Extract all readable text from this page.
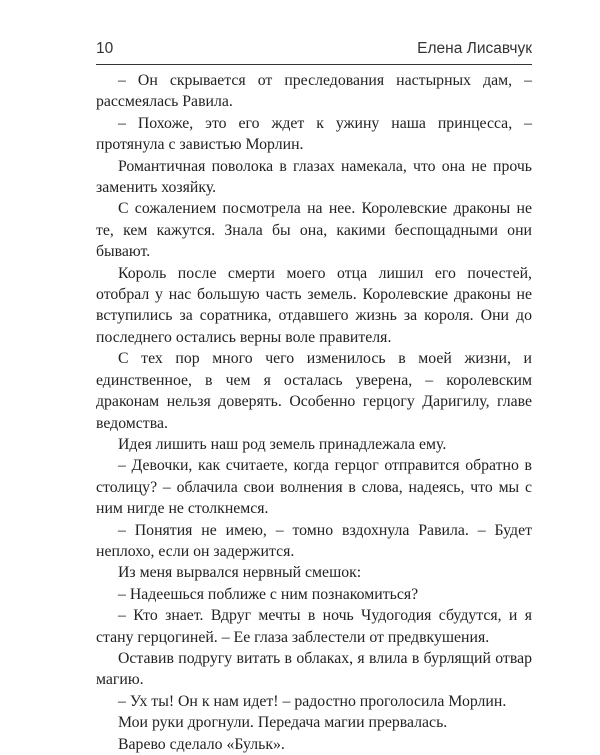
10	Елена Лисавчук

– Он скрывается от преследования настырных дам, – рассмеялась Равила.

– Похоже, это его ждет к ужину наша принцесса, – протянула с завистью Морлин.

Романтичная поволока в глазах намекала, что она не прочь заменить хозяйку.

С сожалением посмотрела на нее. Королевские драконы не те, кем кажутся. Знала бы она, какими беспощадными они бывают.

Король после смерти моего отца лишил его почестей, отобрал у нас большую часть земель. Королевские драконы не вступились за соратника, отдавшего жизнь за короля. Они до последнего остались верны воле правителя.

С тех пор много чего изменилось в моей жизни, и единственное, в чем я осталась уверена, – королевским драконам нельзя доверять. Особенно герцогу Даригилу, главе ведомства.

Идея лишить наш род земель принадлежала ему.

– Девочки, как считаете, когда герцог отправится обратно в столицу? – облачила свои волнения в слова, надеясь, что мы с ним нигде не столкнемся.

– Понятия не имею, – томно вздохнула Равила. – Будет неплохо, если он задержится.

Из меня вырвался нервный смешок:

– Надеешься поближе с ним познакомиться?

– Кто знает. Вдруг мечты в ночь Чудогодия сбудутся, и я стану герцогиней. – Ее глаза заблестели от предвкушения.

Оставив подругу витать в облаках, я влила в бурлящий отвар магию.

– Ух ты! Он к нам идет! – радостно проголосила Морлин.

Мои руки дрогнули. Передача магии прервалась.

Варево сделало «Бульк».
